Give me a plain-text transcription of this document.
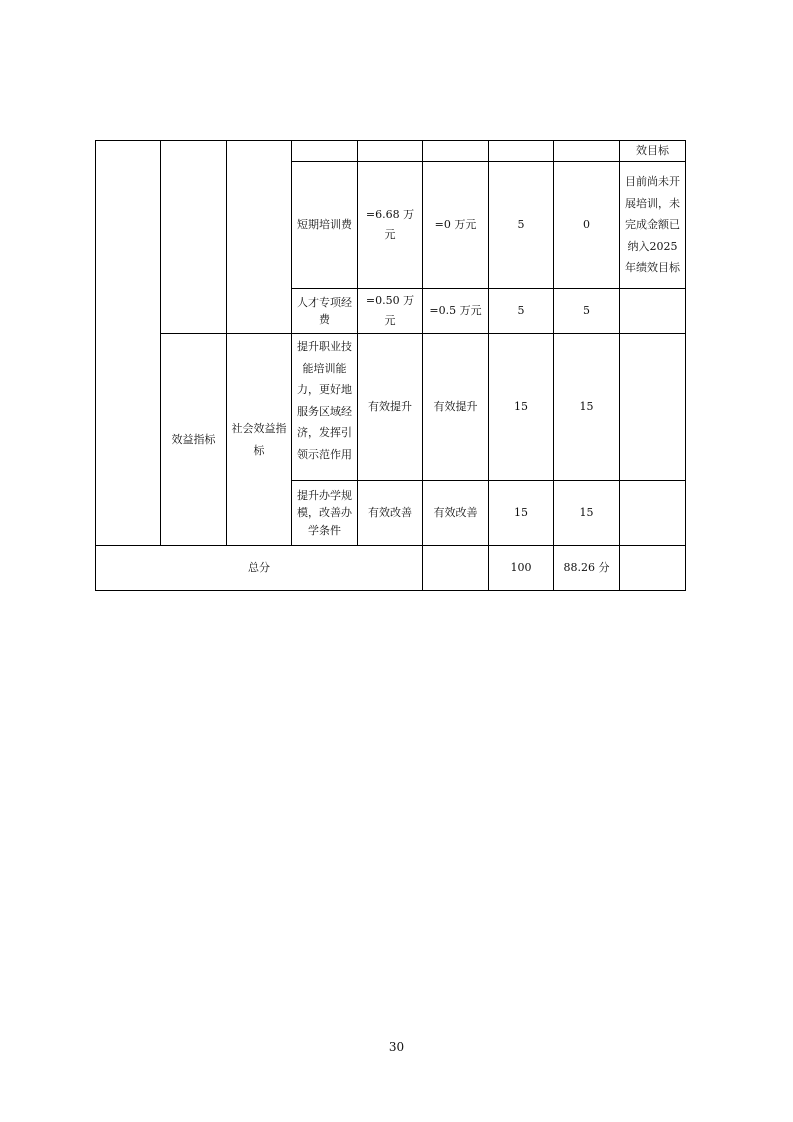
								效目标
			短期培训费	=6.68 万元	=0 万元	5	0	目前尚未开展培训，未完成金额已纳入2025 年绩效目标
			人才专项经费	=0.50 万元	=0.5 万元	5	5	
	效益指标	社会效益指标	提升职业技能培训能力，更好地服务区域经济，发挥引领示范作用	有效提升	有效提升	15	15	
			提升办学规模，改善办学条件	有效改善	有效改善	15	15	
总分						100	88.26 分	
30
